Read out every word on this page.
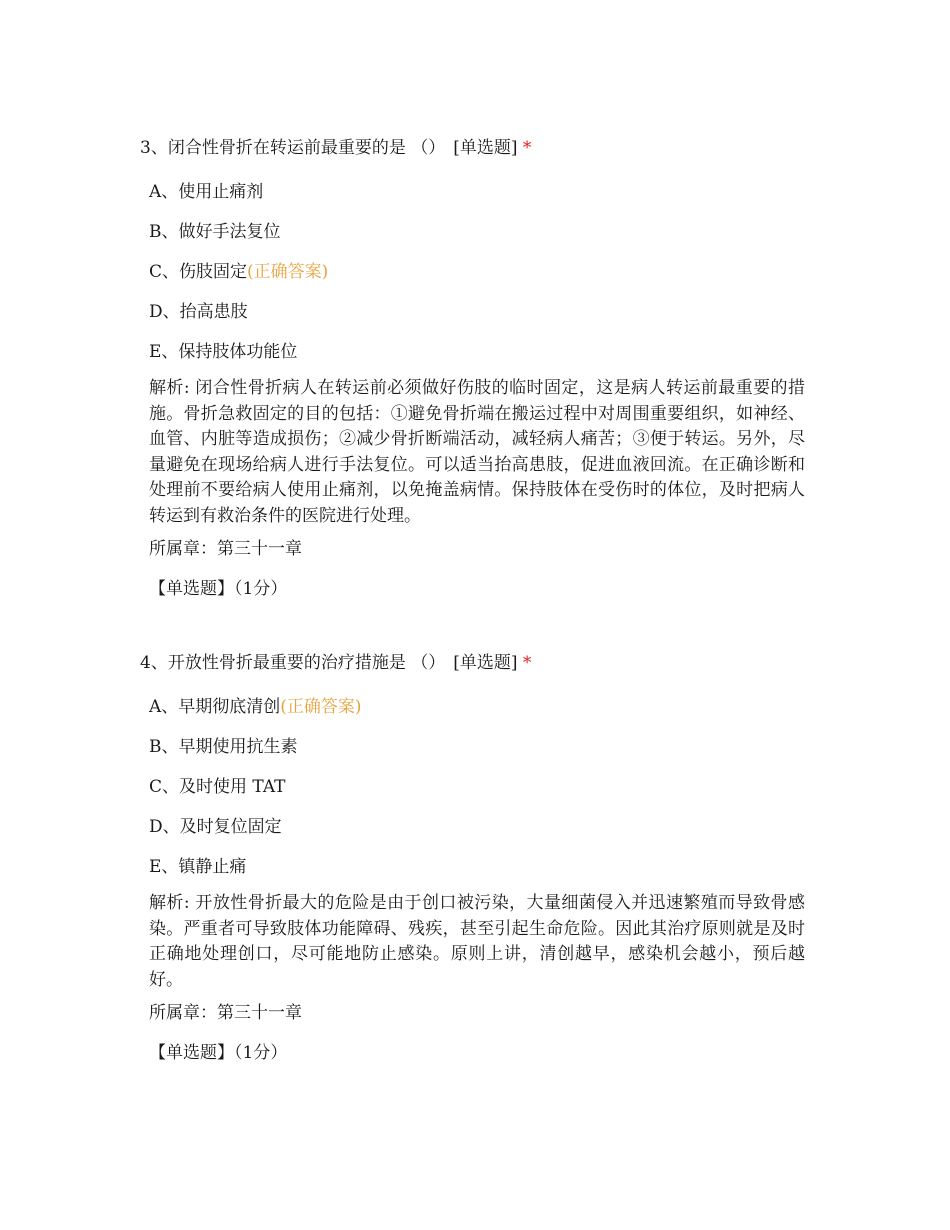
3、闭合性骨折在转运前最重要的是 （） [单选题] *

A、使用止痛剂
B、做好手法复位
C、伤肢固定(正确答案)
D、抬高患肢
E、保持肢体功能位
解析: 闭合性骨折病人在转运前必须做好伤肢的临时固定，这是病人转运前最重要的措施。骨折急救固定的目的包括：①避免骨折端在搬运过程中对周围重要组织，如神经、血管、内脏等造成损伤；②减少骨折断端活动，减轻病人痛苦；③便于转运。另外，尽量避免在现场给病人进行手法复位。可以适当抬高患肢，促进血液回流。在正确诊断和处理前不要给病人使用止痛剂，以免掩盖病情。保持肢体在受伤时的体位，及时把病人转运到有救治条件的医院进行处理。
所属章：第三十一章
【单选题】（1分）

4、开放性骨折最重要的治疗措施是 （） [单选题] *

A、早期彻底清创(正确答案)
B、早期使用抗生素
C、及时使用 TAT
D、及时复位固定
E、镇静止痛
解析: 开放性骨折最大的危险是由于创口被污染，大量细菌侵入并迅速繁殖而导致骨感染。严重者可导致肢体功能障碍、残疾，甚至引起生命危险。因此其治疗原则就是及时正确地处理创口，尽可能地防止感染。原则上讲，清创越早，感染机会越小，预后越好。
所属章：第三十一章
【单选题】（1分）
